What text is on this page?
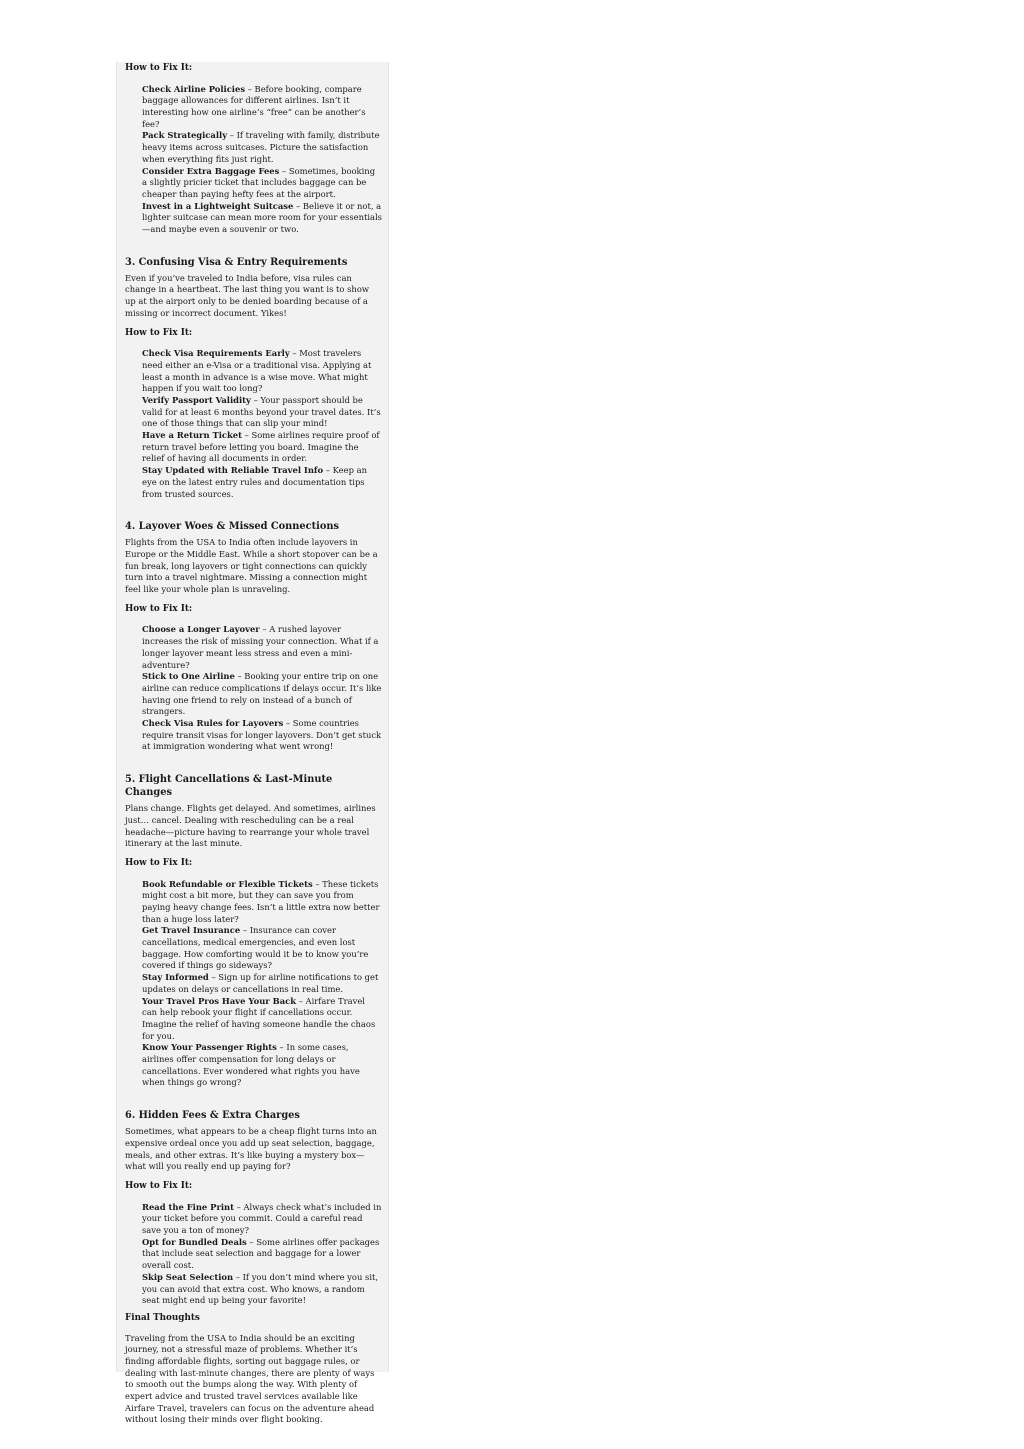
How to Fix It:
Check Airline Policies – Before booking, compare baggage allowances for different airlines. Isn’t it interesting how one airline’s “free” can be another’s fee?
Pack Strategically – If traveling with family, distribute heavy items across suitcases. Picture the satisfaction when everything fits just right.
Consider Extra Baggage Fees – Sometimes, booking a slightly pricier ticket that includes baggage can be cheaper than paying hefty fees at the airport.
Invest in a Lightweight Suitcase – Believe it or not, a lighter suitcase can mean more room for your essentials—and maybe even a souvenir or two.
3. Confusing Visa & Entry Requirements

Even if you’ve traveled to India before, visa rules can change in a heartbeat. The last thing you want is to show up at the airport only to be denied boarding because of a missing or incorrect document. Yikes!

How to Fix It:
Check Visa Requirements Early – Most travelers need either an e-Visa or a traditional visa. Applying at least a month in advance is a wise move. What might happen if you wait too long?
Verify Passport Validity – Your passport should be valid for at least 6 months beyond your travel dates. It’s one of those things that can slip your mind!
Have a Return Ticket – Some airlines require proof of return travel before letting you board. Imagine the relief of having all documents in order.
Stay Updated with Reliable Travel Info – Keep an eye on the latest entry rules and documentation tips from trusted sources.
4. Layover Woes & Missed Connections

Flights from the USA to India often include layovers in Europe or the Middle East. While a short stopover can be a fun break, long layovers or tight connections can quickly turn into a travel nightmare. Missing a connection might feel like your whole plan is unraveling.

How to Fix It:
Choose a Longer Layover – A rushed layover increases the risk of missing your connection. What if a longer layover meant less stress and even a mini-adventure?
Stick to One Airline – Booking your entire trip on one airline can reduce complications if delays occur. It’s like having one friend to rely on instead of a bunch of strangers.
Check Visa Rules for Layovers – Some countries require transit visas for longer layovers. Don’t get stuck at immigration wondering what went wrong!
5. Flight Cancellations & Last-Minute Changes

Plans change. Flights get delayed. And sometimes, airlines just… cancel. Dealing with rescheduling can be a real headache—picture having to rearrange your whole travel itinerary at the last minute.

How to Fix It:
Book Refundable or Flexible Tickets – These tickets might cost a bit more, but they can save you from paying heavy change fees. Isn’t a little extra now better than a huge loss later?
Get Travel Insurance – Insurance can cover cancellations, medical emergencies, and even lost baggage. How comforting would it be to know you’re covered if things go sideways?
Stay Informed – Sign up for airline notifications to get updates on delays or cancellations in real time.
Your Travel Pros Have Your Back – Airfare Travel can help rebook your flight if cancellations occur. Imagine the relief of having someone handle the chaos for you.
Know Your Passenger Rights – In some cases, airlines offer compensation for long delays or cancellations. Ever wondered what rights you have when things go wrong?
6. Hidden Fees & Extra Charges

Sometimes, what appears to be a cheap flight turns into an expensive ordeal once you add up seat selection, baggage, meals, and other extras. It’s like buying a mystery box—what will you really end up paying for?

How to Fix It:
Read the Fine Print – Always check what’s included in your ticket before you commit. Could a careful read save you a ton of money?
Opt for Bundled Deals – Some airlines offer packages that include seat selection and baggage for a lower overall cost.
Skip Seat Selection – If you don’t mind where you sit, you can avoid that extra cost. Who knows, a random seat might end up being your favorite!
Final Thoughts

Traveling from the USA to India should be an exciting journey, not a stressful maze of problems. Whether it’s finding affordable flights, sorting out baggage rules, or dealing with last-minute changes, there are plenty of ways to smooth out the bumps along the way. With plenty of expert advice and trusted travel services available like Airfare Travel, travelers can focus on the adventure ahead without losing their minds over flight booking.
